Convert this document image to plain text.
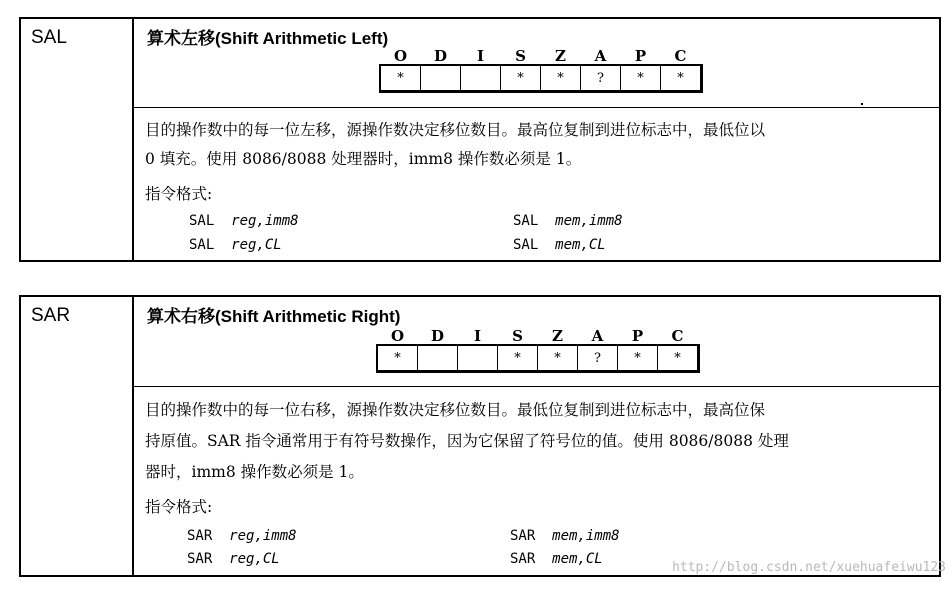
SAL	算术左移(Shift Arithmetic Left)
O	D	I	S	Z	A	P	C
*			*	*	?	*	*

目的操作数中的每一位左移，源操作数决定移位数目。最高位复制到进位标志中，最低位以

0 填充。使用 8086/8088 处理器时，imm8 操作数必须是 1。

指令格式:
SAL reg,imm8	SAL mem,imm8
SAL reg,CL	SAL mem,CL
SAR	算术右移(Shift Arithmetic Right)
O	D	I	S	Z	A	P	C
*			*	*	?	*	*

目的操作数中的每一位右移，源操作数决定移位数目。最低位复制到进位标志中，最高位保

持原值。SAR 指令通常用于有符号数操作，因为它保留了符号位的值。使用 8086/8088 处理

器时，imm8 操作数必须是 1。

指令格式:
SAR reg,imm8	SAR mem,imm8
SAR reg,CL	SAR mem,CL
http://blog.csdn.net/xuehuafeiwu123
